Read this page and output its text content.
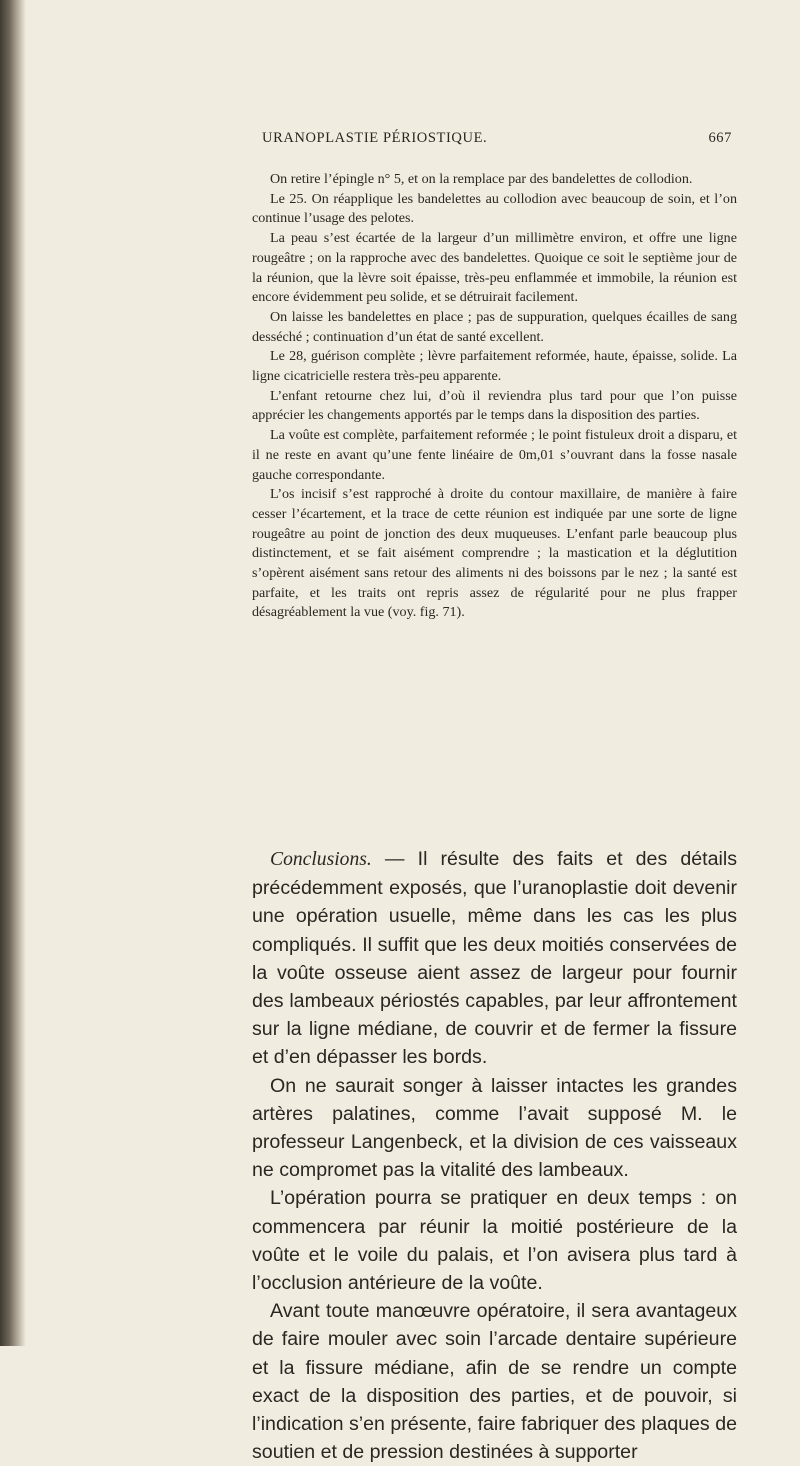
URANOPLASTIE PÉRIOSTIQUE.	667

On retire l’épingle n° 5, et on la remplace par des bandelettes de collodion.

Le 25. On réapplique les bandelettes au collodion avec beaucoup de soin, et l’on continue l’usage des pelotes.

La peau s’est écartée de la largeur d’un millimètre environ, et offre une ligne rougeâtre ; on la rapproche avec des bandelettes. Quoique ce soit le septième jour de la réunion, que la lèvre soit épaisse, très-peu enflammée et immobile, la réunion est encore évidemment peu solide, et se détruirait facilement.

On laisse les bandelettes en place ; pas de suppuration, quelques écailles de sang desséché ; continuation d’un état de santé excellent.

Le 28, guérison complète ; lèvre parfaitement reformée, haute, épaisse, solide. La ligne cicatricielle restera très-peu apparente.

L’enfant retourne chez lui, d’où il reviendra plus tard pour que l’on puisse apprécier les changements apportés par le temps dans la disposition des parties.

La voûte est complète, parfaitement reformée ; le point fistuleux droit a disparu, et il ne reste en avant qu’une fente linéaire de 0m,01 s’ouvrant dans la fosse nasale gauche correspondante.

L’os incisif s’est rapproché à droite du contour maxillaire, de manière à faire cesser l’écartement, et la trace de cette réunion est indiquée par une sorte de ligne rougeâtre au point de jonction des deux muqueuses. L’enfant parle beaucoup plus distinctement, et se fait aisément comprendre ; la mastication et la déglutition s’opèrent aisément sans retour des aliments ni des boissons par le nez ; la santé est parfaite, et les traits ont repris assez de régularité pour ne plus frapper désagréablement la vue (voy. fig. 71).

Conclusions. — Il résulte des faits et des détails précédemment exposés, que l’uranoplastie doit devenir une opération usuelle, même dans les cas les plus compliqués. Il suffit que les deux moitiés conservées de la voûte osseuse aient assez de largeur pour fournir des lambeaux périostés capables, par leur affrontement sur la ligne médiane, de couvrir et de fermer la fissure et d’en dépasser les bords.

On ne saurait songer à laisser intactes les grandes artères palatines, comme l’avait supposé M. le professeur Langenbeck, et la division de ces vaisseaux ne compromet pas la vitalité des lambeaux.

L’opération pourra se pratiquer en deux temps : on commencera par réunir la moitié postérieure de la voûte et le voile du palais, et l’on avisera plus tard à l’occlusion antérieure de la voûte.

Avant toute manœuvre opératoire, il sera avantageux de faire mouler avec soin l’arcade dentaire supérieure et la fissure médiane, afin de se rendre un compte exact de la disposition des parties, et de pouvoir, si l’indication s’en présente, faire fabriquer des plaques de soutien et de pression destinées à supporter
